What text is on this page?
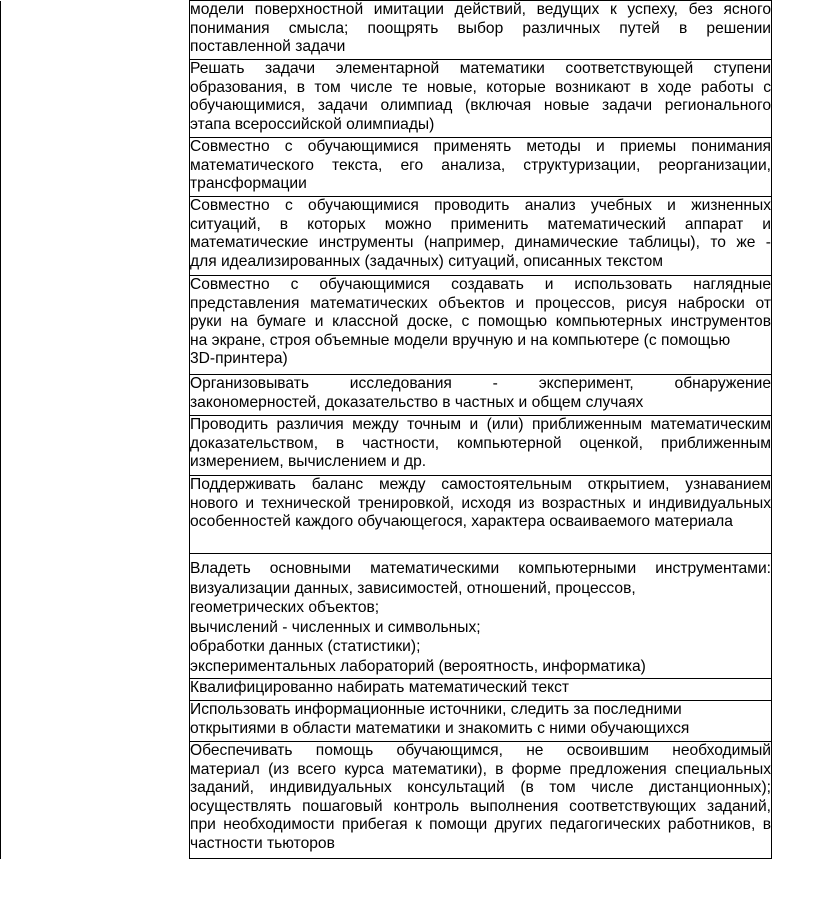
модели поверхностной имитации действий, ведущих к успеху, без ясного
понимания смысла; поощрять выбор различных путей в решении
поставленной задачи

Решать задачи элементарной математики соответствующей ступени
образования, в том числе те новые, которые возникают в ходе работы с
обучающимися, задачи олимпиад (включая новые задачи регионального
этапа всероссийской олимпиады)

Совместно с обучающимися применять методы и приемы понимания
математического текста, его анализа, структуризации, реорганизации,
трансформации

Совместно с обучающимися проводить анализ учебных и жизненных
ситуаций, в которых можно применить математический аппарат и
математические инструменты (например, динамические таблицы), то же -
для идеализированных (задачных) ситуаций, описанных текстом

Совместно с обучающимися создавать и использовать наглядные
представления математических объектов и процессов, рисуя наброски от
руки на бумаге и классной доске, с помощью компьютерных инструментов
на экране, строя объемные модели вручную и на компьютере (с помощью
3D-принтера)

Организовывать исследования - эксперимент, обнаружение
закономерностей, доказательство в частных и общем случаях

Проводить различия между точным и (или) приближенным математическим
доказательством, в частности, компьютерной оценкой, приближенным
измерением, вычислением и др.

Поддерживать баланс между самостоятельным открытием, узнаванием
нового и технической тренировкой, исходя из возрастных и индивидуальных
особенностей каждого обучающегося, характера осваиваемого материала

Владеть основными математическими компьютерными инструментами:
визуализации данных, зависимостей, отношений, процессов,
геометрических объектов;
вычислений - численных и символьных;
обработки данных (статистики);
экспериментальных лабораторий (вероятность, информатика)

Квалифицированно набирать математический текст

Использовать информационные источники, следить за последними
открытиями в области математики и знакомить с ними обучающихся

Обеспечивать помощь обучающимся, не освоившим необходимый
материал (из всего курса математики), в форме предложения специальных
заданий, индивидуальных консультаций (в том числе дистанционных);
осуществлять пошаговый контроль выполнения соответствующих заданий,
при необходимости прибегая к помощи других педагогических работников, в
частности тьюторов
